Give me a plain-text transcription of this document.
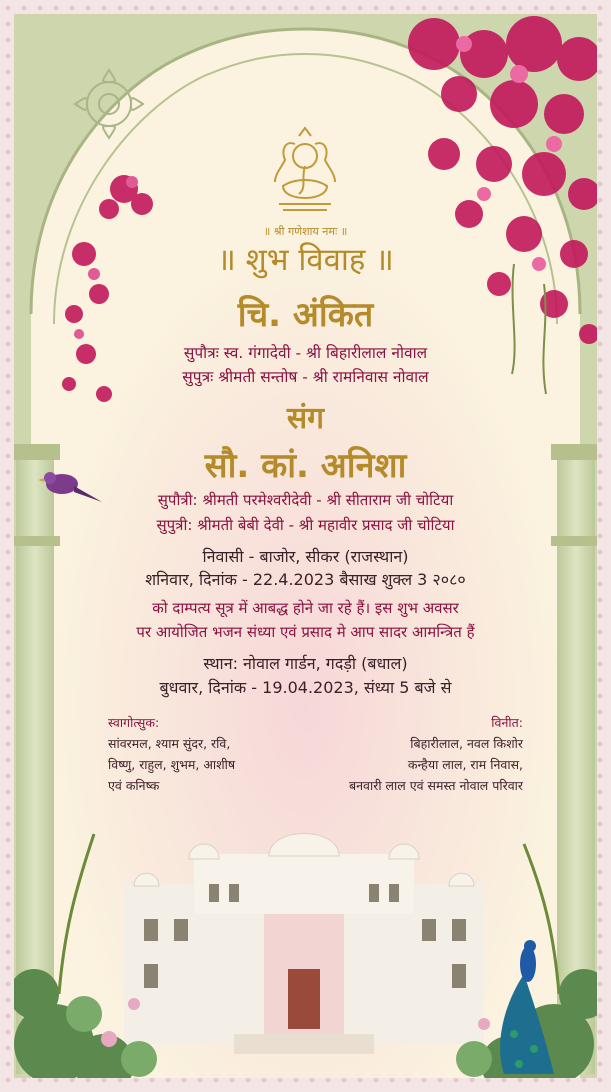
॥ श्री गणेशाय नमः ॥
॥ शुभ विवाह ॥
चि. अंकित
सुपौत्रः स्व. गंगादेवी - श्री बिहारीलाल नोवाल
सुपुत्रः श्रीमती सन्तोष - श्री रामनिवास नोवाल
संग
सौ. कां. अनिशा
सुपौत्री: श्रीमती परमेश्वरीदेवी - श्री सीताराम जी चोटिया
सुपुत्री: श्रीमती बेबी देवी - श्री महावीर प्रसाद जी चोटिया
निवासी - बाजोर, सीकर (राजस्थान)
शनिवार, दिनांक - 22.4.2023 बैसाख शुक्ल 3 २०८०
को दाम्पत्य सूत्र में आबद्ध होने जा रहे हैं। इस शुभ अवसर
पर आयोजित भजन संध्या एवं प्रसाद मे आप सादर आमन्त्रित हैं
स्थान: नोवाल गार्डन, गदड़ी (बधाल)
बुधवार, दिनांक - 19.04.2023, संध्या 5 बजे से
स्वागोत्सुक:
सांवरमल, श्याम सुंदर, रवि,
विष्णु, राहुल, शुभम, आशीष
एवं कनिष्क
विनीत:
बिहारीलाल, नवल किशोर
कन्हैया लाल, राम निवास,
बनवारी लाल एवं समस्त नोवाल परिवार
